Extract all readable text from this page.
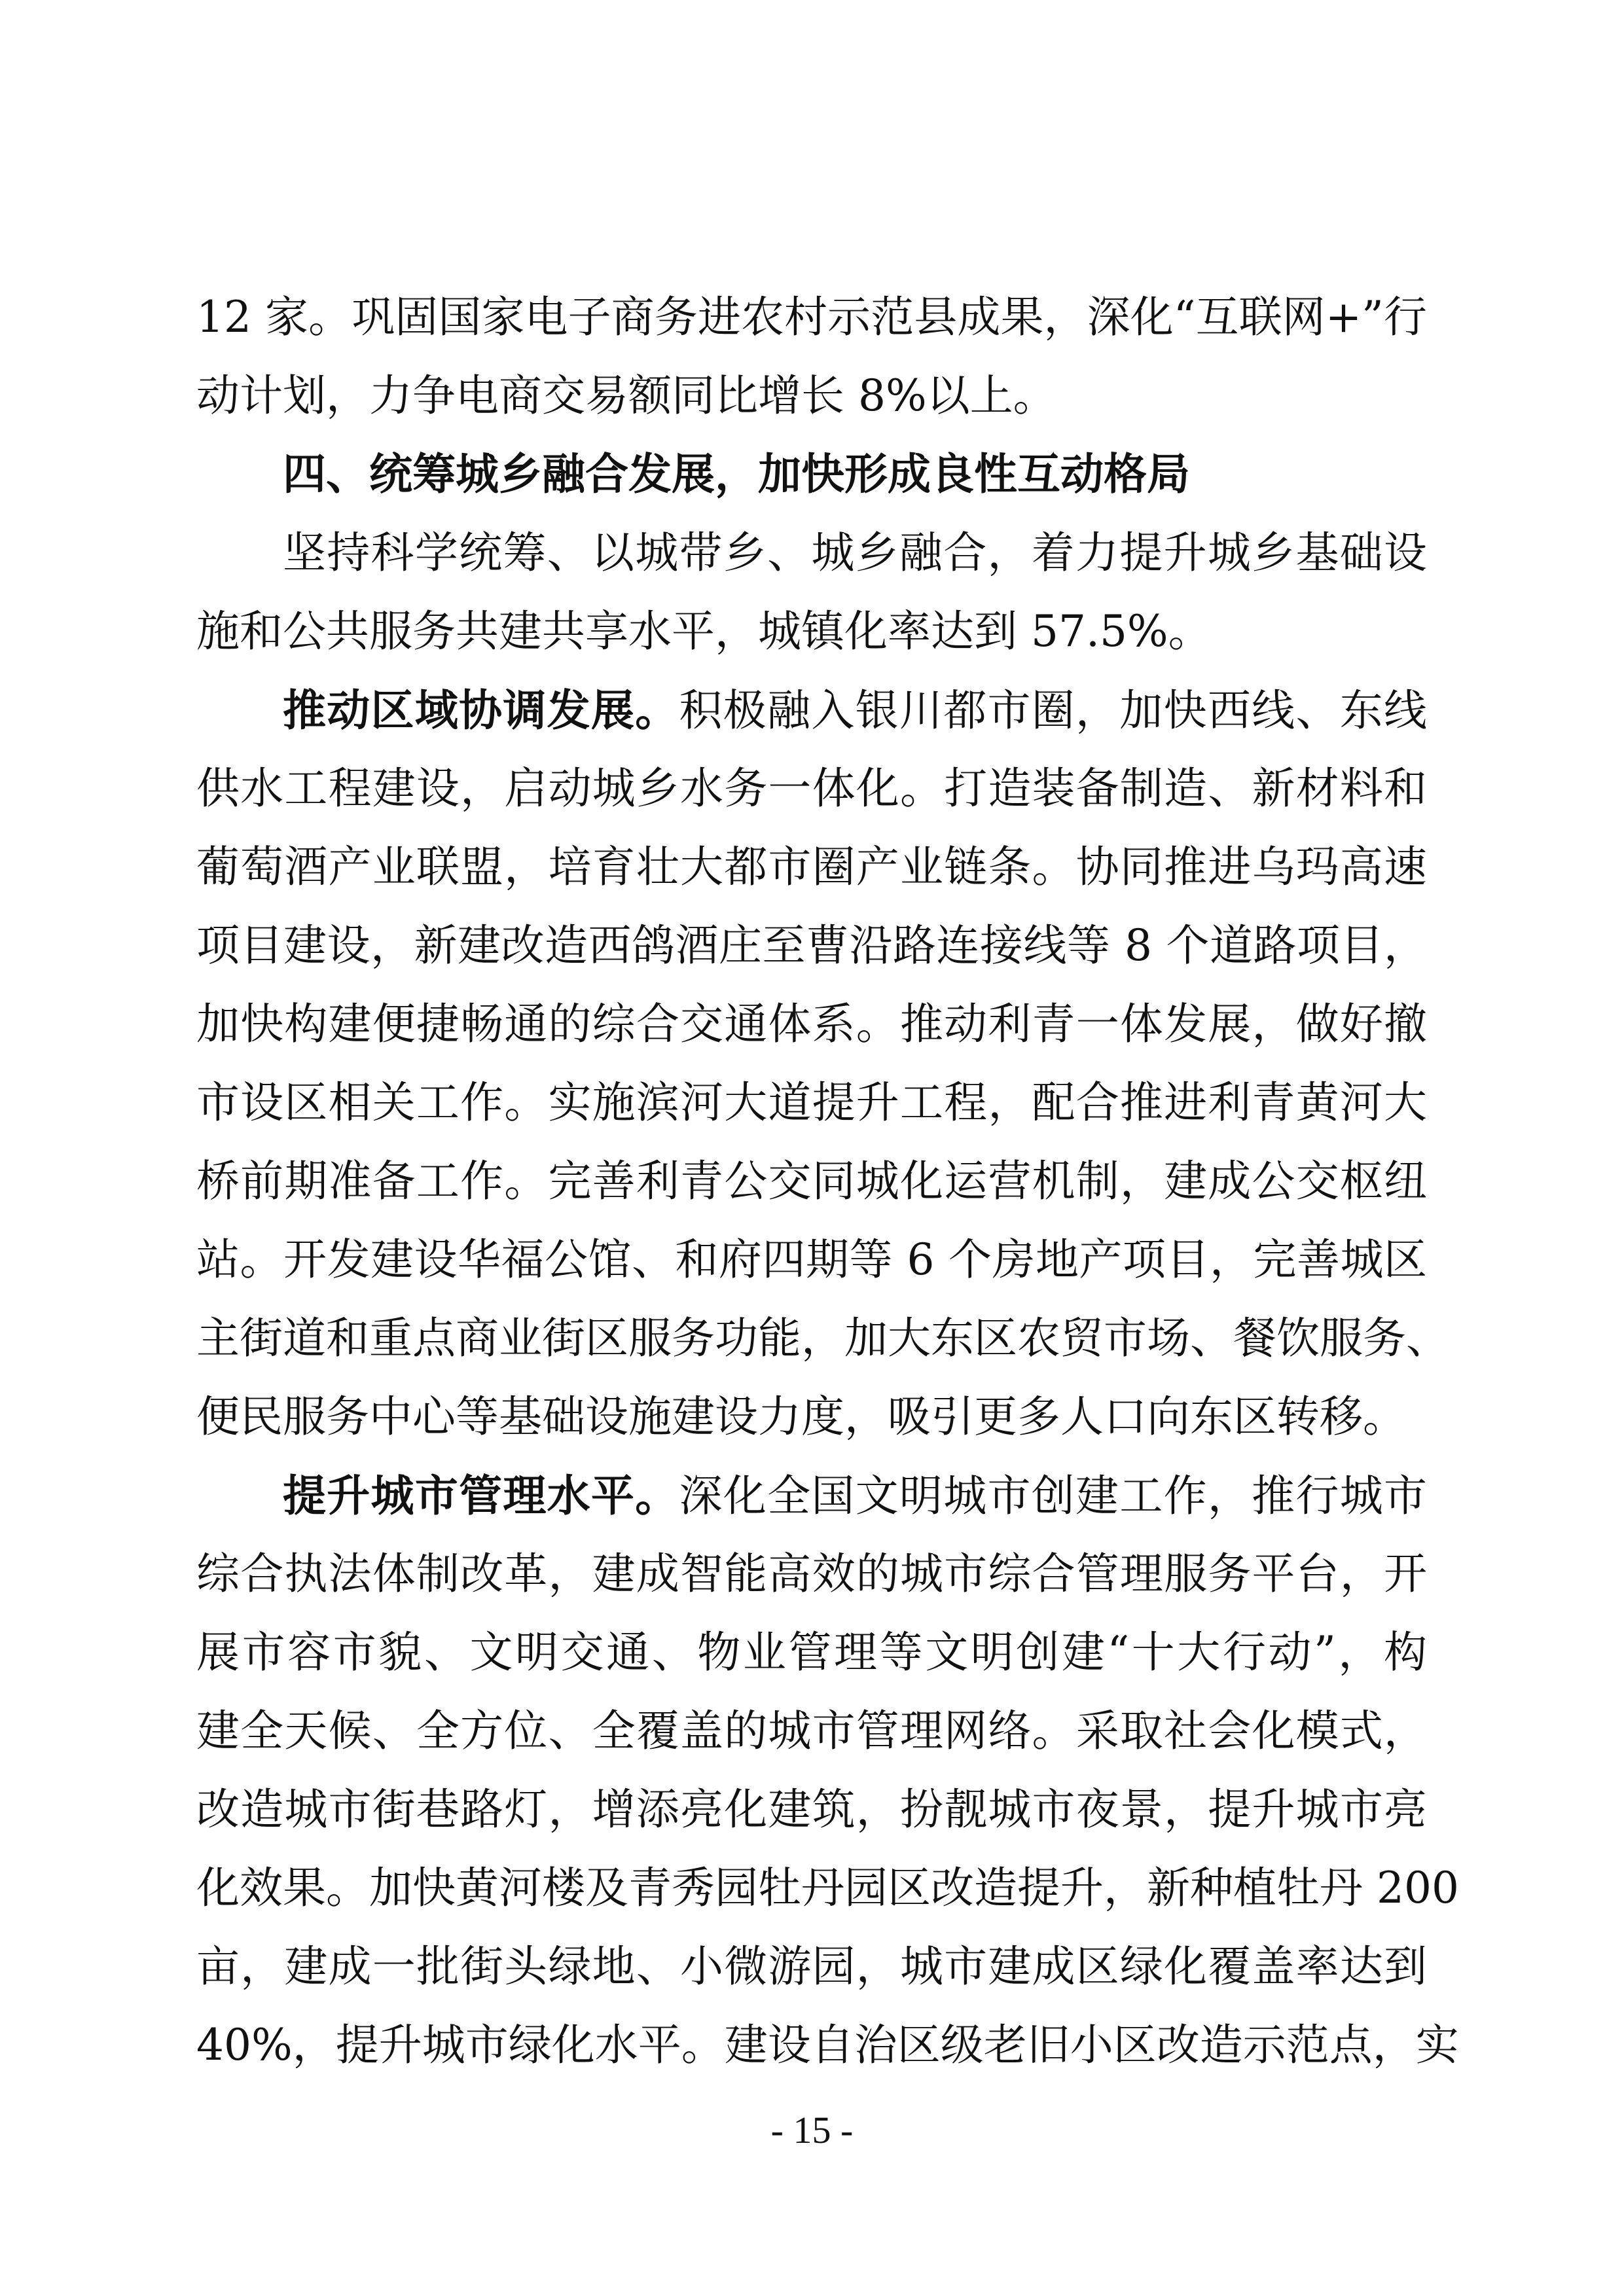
12 家。巩固国家电子商务进农村示范县成果，深化“互联网+”行
动计划，力争电商交易额同比增长 8%以上。
四、统筹城乡融合发展，加快形成良性互动格局
坚持科学统筹、以城带乡、城乡融合，着力提升城乡基础设
施和公共服务共建共享水平，城镇化率达到 57.5%。
推动区域协调发展。积极融入银川都市圈，加快西线、东线
供水工程建设，启动城乡水务一体化。打造装备制造、新材料和
葡萄酒产业联盟，培育壮大都市圈产业链条。协同推进乌玛高速
项目建设，新建改造西鸽酒庄至曹沿路连接线等 8 个道路项目，
加快构建便捷畅通的综合交通体系。推动利青一体发展，做好撤
市设区相关工作。实施滨河大道提升工程，配合推进利青黄河大
桥前期准备工作。完善利青公交同城化运营机制，建成公交枢纽
站。开发建设华福公馆、和府四期等 6 个房地产项目，完善城区
主街道和重点商业街区服务功能，加大东区农贸市场、餐饮服务、
便民服务中心等基础设施建设力度，吸引更多人口向东区转移。
提升城市管理水平。深化全国文明城市创建工作，推行城市
综合执法体制改革，建成智能高效的城市综合管理服务平台，开
展市容市貌、文明交通、物业管理等文明创建“十大行动”，构
建全天候、全方位、全覆盖的城市管理网络。采取社会化模式，
改造城市街巷路灯，增添亮化建筑，扮靓城市夜景，提升城市亮
化效果。加快黄河楼及青秀园牡丹园区改造提升，新种植牡丹 200
亩，建成一批街头绿地、小微游园，城市建成区绿化覆盖率达到
40%，提升城市绿化水平。建设自治区级老旧小区改造示范点，实
- 15 -
